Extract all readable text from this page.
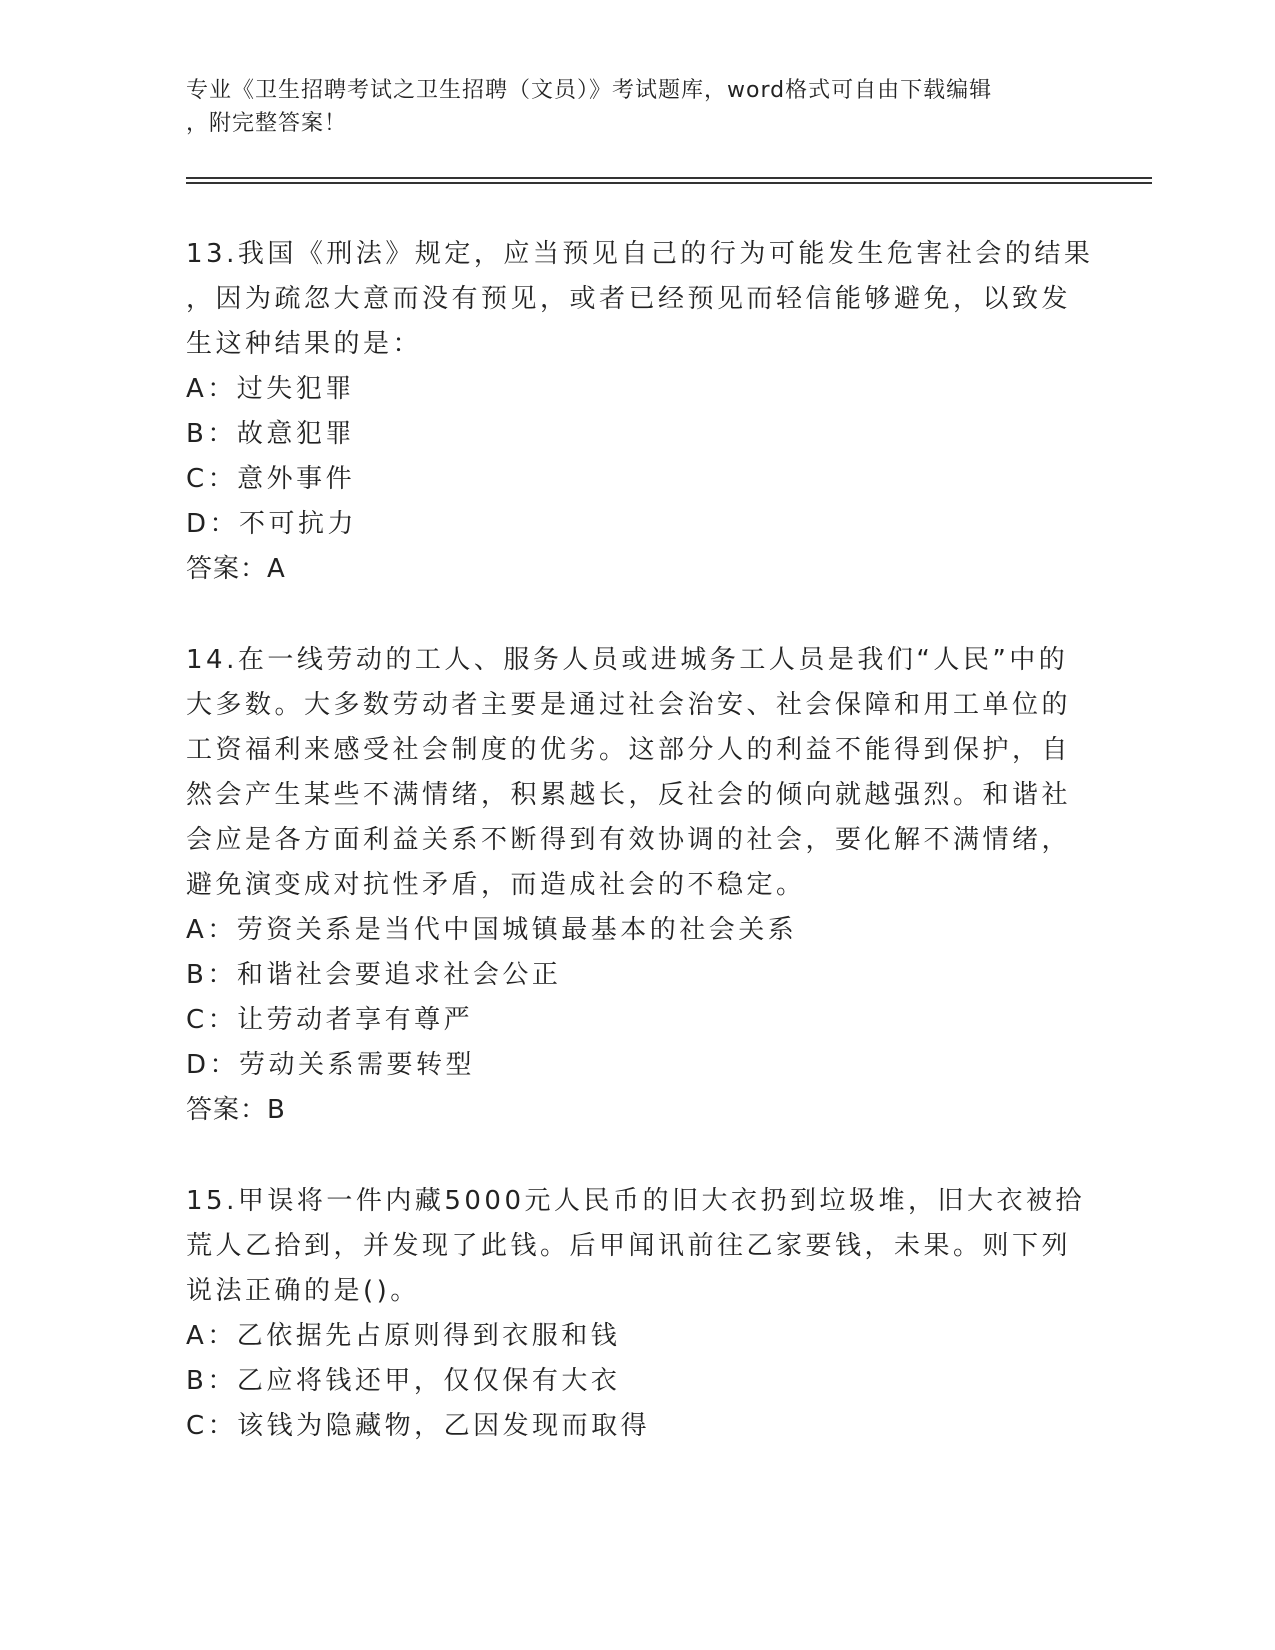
专业《卫生招聘考试之卫生招聘（文员）》考试题库，word格式可自由下载编辑
，附完整答案！
13.我国《刑法》规定，应当预见自己的行为可能发生危害社会的结果
，因为疏忽大意而没有预见，或者已经预见而轻信能够避免，以致发
生这种结果的是：
A：过失犯罪
B：故意犯罪
C：意外事件
D：不可抗力
答案：A
14.在一线劳动的工人、服务人员或进城务工人员是我们“人民”中的
大多数。大多数劳动者主要是通过社会治安、社会保障和用工单位的
工资福利来感受社会制度的优劣。这部分人的利益不能得到保护，自
然会产生某些不满情绪，积累越长，反社会的倾向就越强烈。和谐社
会应是各方面利益关系不断得到有效协调的社会，要化解不满情绪，
避免演变成对抗性矛盾，而造成社会的不稳定。
A：劳资关系是当代中国城镇最基本的社会关系
B：和谐社会要追求社会公正
C：让劳动者享有尊严
D：劳动关系需要转型
答案：B
15.甲误将一件内藏5000元人民币的旧大衣扔到垃圾堆，旧大衣被拾
荒人乙拾到，并发现了此钱。后甲闻讯前往乙家要钱，未果。则下列
说法正确的是()。
A：乙依据先占原则得到衣服和钱
B：乙应将钱还甲，仅仅保有大衣
C：该钱为隐藏物，乙因发现而取得
